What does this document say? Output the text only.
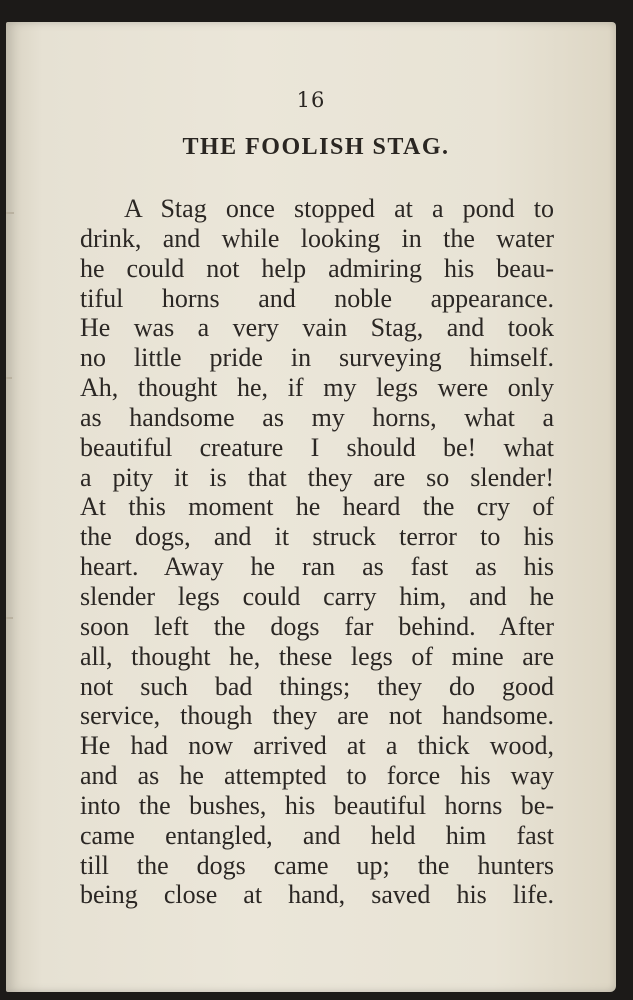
16
THE FOOLISH STAG.
A Stag once stopped at a pond to
drink, and while looking in the water
he could not help admiring his beau-
tiful horns and noble appearance.
He was a very vain Stag, and took
no little pride in surveying himself.
Ah, thought he, if my legs were only
as handsome as my horns, what a
beautiful creature I should be! what
a pity it is that they are so slender!
At this moment he heard the cry of
the dogs, and it struck terror to his
heart. Away he ran as fast as his
slender legs could carry him, and he
soon left the dogs far behind. After
all, thought he, these legs of mine are
not such bad things; they do good
service, though they are not handsome.
He had now arrived at a thick wood,
and as he attempted to force his way
into the bushes, his beautiful horns be-
came entangled, and held him fast
till the dogs came up; the hunters
being close at hand, saved his life.
